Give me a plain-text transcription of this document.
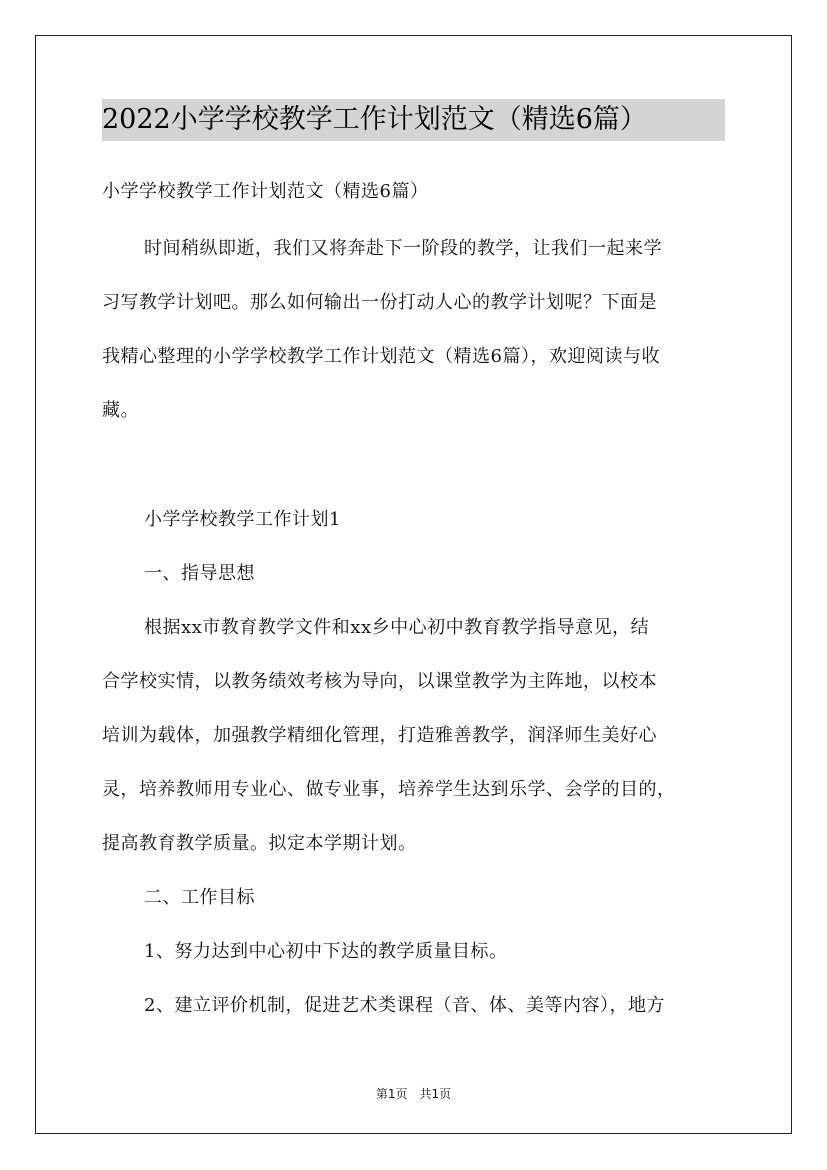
2022小学学校教学工作计划范文（精选6篇）
小学学校教学工作计划范文（精选6篇）
时间稍纵即逝，我们又将奔赴下一阶段的教学，让我们一起来学
习写教学计划吧。那么如何输出一份打动人心的教学计划呢？下面是
我精心整理的小学学校教学工作计划范文（精选6篇），欢迎阅读与收
藏。
小学学校教学工作计划1
一、指导思想
根据xx市教育教学文件和xx乡中心初中教育教学指导意见，结
合学校实情，以教务绩效考核为导向，以课堂教学为主阵地，以校本
培训为载体，加强教学精细化管理，打造雅善教学，润泽师生美好心
灵，培养教师用专业心、做专业事，培养学生达到乐学、会学的目的，
提高教育教学质量。拟定本学期计划。
二、工作目标
1、努力达到中心初中下达的教学质量目标。
2、建立评价机制，促进艺术类课程（音、体、美等内容），地方
第1页 共1页
